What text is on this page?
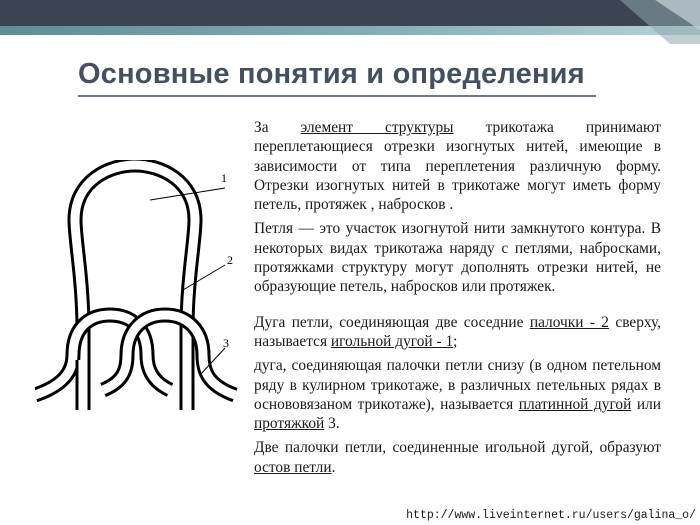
Основные понятия и определения
1
2
3

За элемент структуры трикотажа принимают переплетающиеся отрезки изогнутых нитей, имеющие в зависимости от типа переплетения различную форму. Отрезки изогнутых нитей в трикотаже могут иметь форму петель, протяжек , набросков .

Петля — это участок изогнутой нити замкнутого контура. В некоторых видах трикотажа наряду с петлями, набросками, протяжками структуру могут дополнять отрезки нитей, не образующие петель, набросков или протяжек.

Дуга петли, соединяющая две соседние палочки - 2 сверху, называется игольной дугой - 1;

дуга, соединяющая палочки петли снизу (в одном петельном ряду в кулирном трикотаже, в различных петельных рядах в основовязаном трикотаже), называется платинной дугой или протяжкой 3.

Две палочки петли, соединенные игольной дугой, образуют остов петли.

http://www.liveinternet.ru/users/galina_o/
